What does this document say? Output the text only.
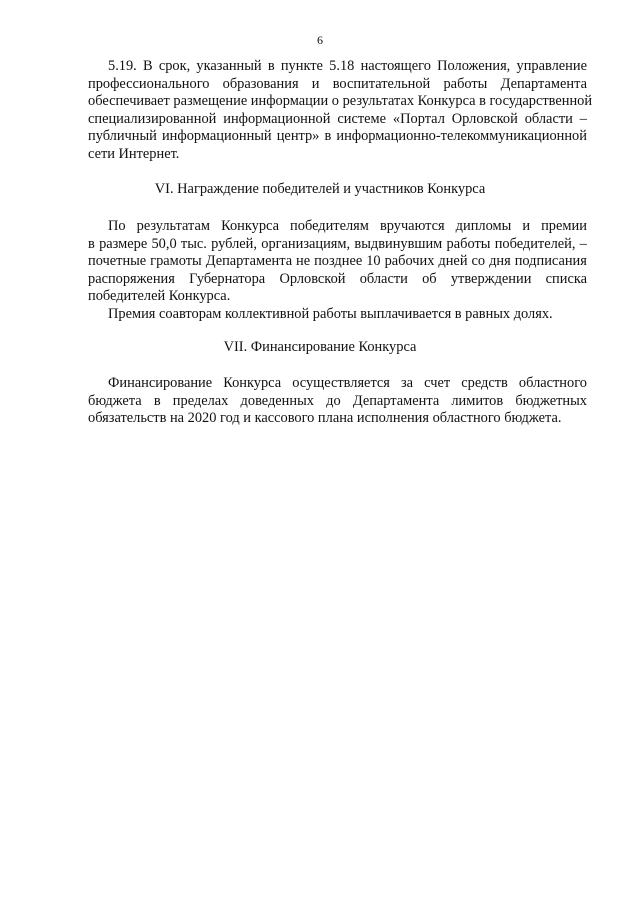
6
5.19. В срок, указанный в пункте 5.18 настоящего Положения, управление
профессионального образования и воспитательной работы Департамента
обеспечивает размещение информации о результатах Конкурса в государственной
специализированной информационной системе «Портал Орловской области –
публичный информационный центр» в информационно-телекоммуникационной
сети Интернет.
VI. Награждение победителей и участников Конкурса
По результатам Конкурса победителям вручаются дипломы и премии
в размере 50,0 тыс. рублей, организациям, выдвинувшим работы победителей, –
почетные грамоты Департамента не позднее 10 рабочих дней со дня подписания
распоряжения Губернатора Орловской области об утверждении списка
победителей Конкурса.
Премия соавторам коллективной работы выплачивается в равных долях.
VII. Финансирование Конкурса
Финансирование Конкурса осуществляется за счет средств областного
бюджета в пределах доведенных до Департамента лимитов бюджетных
обязательств на 2020 год и кассового плана исполнения областного бюджета.
